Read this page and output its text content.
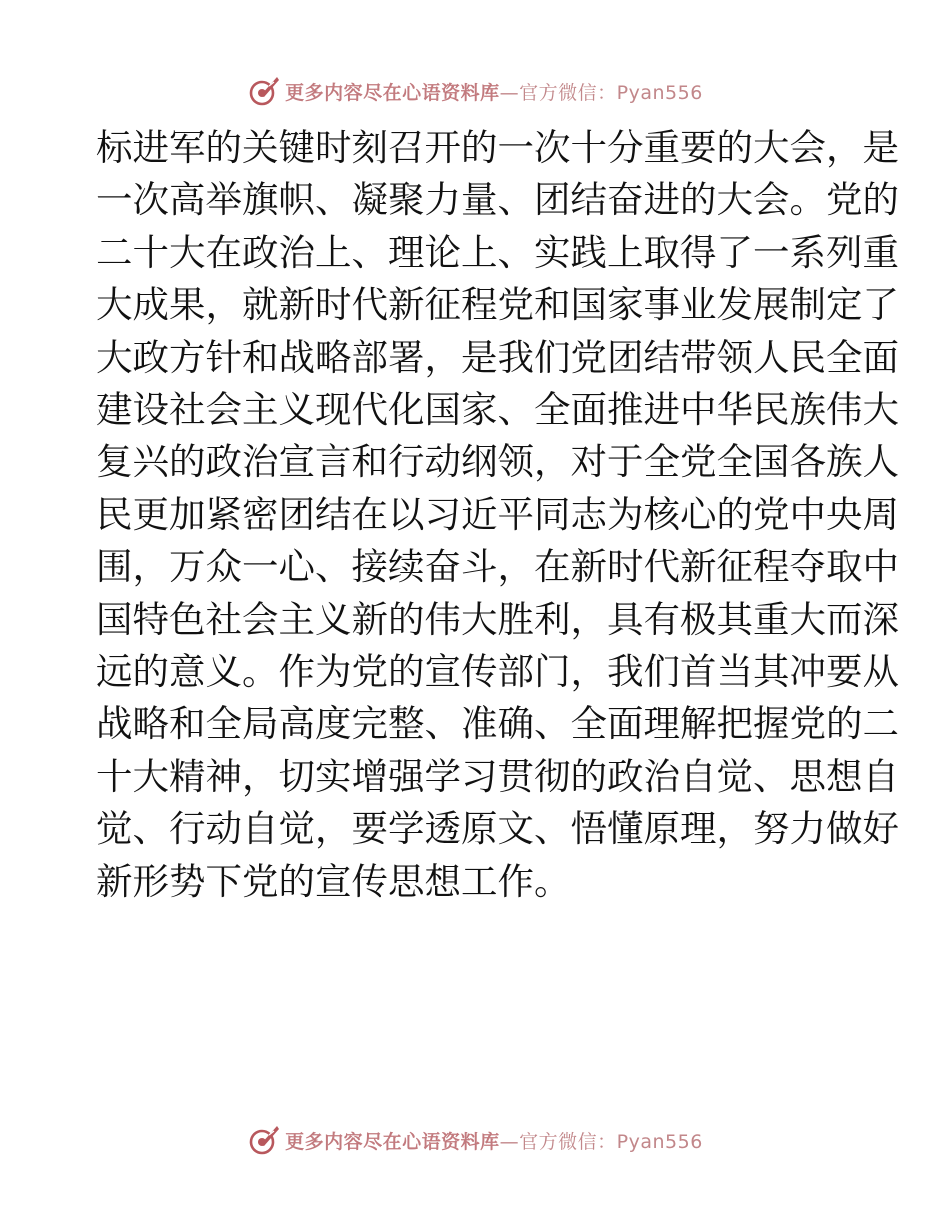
更多内容尽在心语资料库—官方微信：Pyan556
标进军的关键时刻召开的一次十分重要的大会，是
一次高举旗帜、凝聚力量、团结奋进的大会。党的
二十大在政治上、理论上、实践上取得了一系列重
大成果，就新时代新征程党和国家事业发展制定了
大政方针和战略部署，是我们党团结带领人民全面
建设社会主义现代化国家、全面推进中华民族伟大
复兴的政治宣言和行动纲领，对于全党全国各族人
民更加紧密团结在以习近平同志为核心的党中央周
围，万众一心、接续奋斗，在新时代新征程夺取中
国特色社会主义新的伟大胜利，具有极其重大而深
远的意义。作为党的宣传部门，我们首当其冲要从
战略和全局高度完整、准确、全面理解把握党的二
十大精神，切实增强学习贯彻的政治自觉、思想自
觉、行动自觉，要学透原文、悟懂原理，努力做好
新形势下党的宣传思想工作。
更多内容尽在心语资料库—官方微信：Pyan556
